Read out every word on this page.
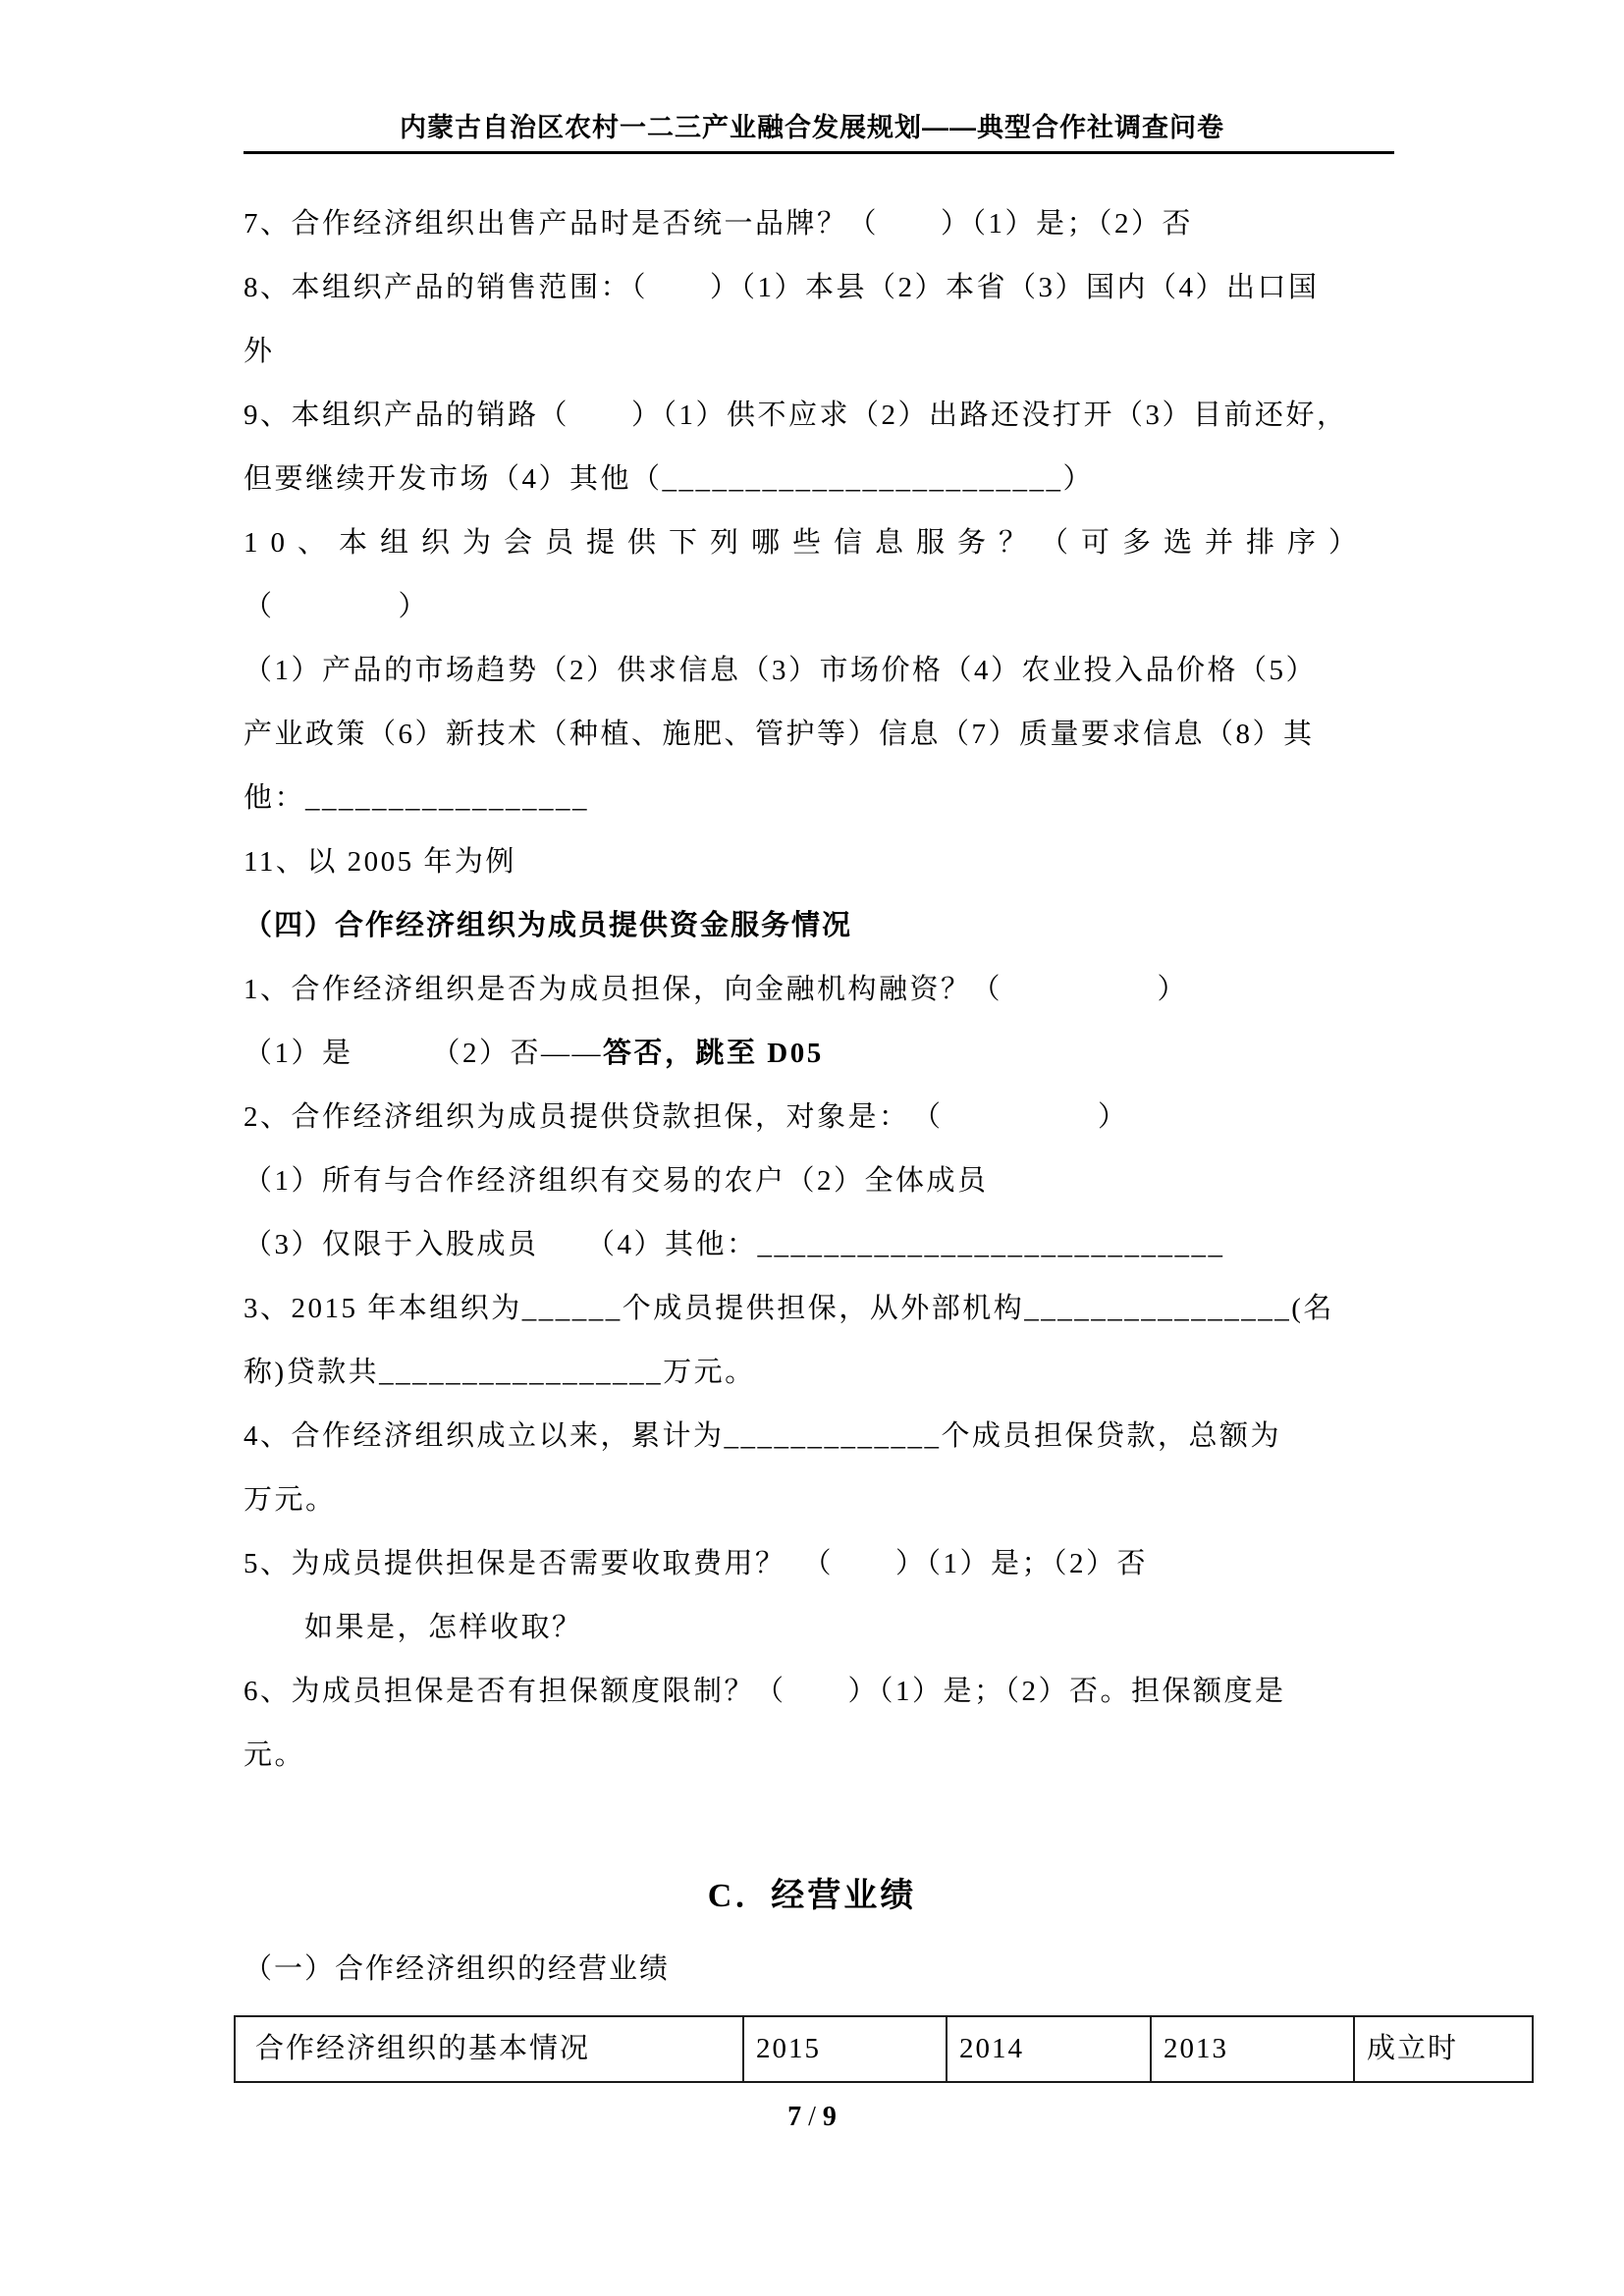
内蒙古自治区农村一二三产业融合发展规划——典型合作社调查问卷
7、合作经济组织出售产品时是否统一品牌？（　　）（1）是；（2）否
8、本组织产品的销售范围：（　　）（1）本县（2）本省（3）国内（4）出口国
外
9、本组织产品的销路（　　）（1）供不应求（2）出路还没打开（3）目前还好，
但要继续开发市场（4）其他（________________________）
10、本组织为会员提供下列哪些信息服务？（可多选并排序）
（　　　　）
（1）产品的市场趋势（2）供求信息（3）市场价格（4）农业投入品价格（5）
产业政策（6）新技术（种植、施肥、管护等）信息（7）质量要求信息（8）其
他：_________________
11、以 2005 年为例
（四）合作经济组织为成员提供资金服务情况
1、合作经济组织是否为成员担保，向金融机构融资？（　　　　　）
（1）是　　　（2）否——答否，跳至 D05
2、合作经济组织为成员提供贷款担保，对象是：　（　　　　　）
（1）所有与合作经济组织有交易的农户（2）全体成员
（3）仅限于入股成员　　（4）其他：____________________________
3、2015 年本组织为______个成员提供担保，从外部机构________________(名
称)贷款共_________________万元。
4、合作经济组织成立以来，累计为_____________个成员担保贷款，总额为
万元。
5、为成员提供担保是否需要收取费用？　（　　）（1）是；（2）否
如果是，怎样收取？
6、为成员担保是否有担保额度限制？（　　）（1）是；（2）否。担保额度是
元。
C．经营业绩
（一）合作经济组织的经营业绩
合作经济组织的基本情况	2015	2014	2013	成立时
7 / 9
